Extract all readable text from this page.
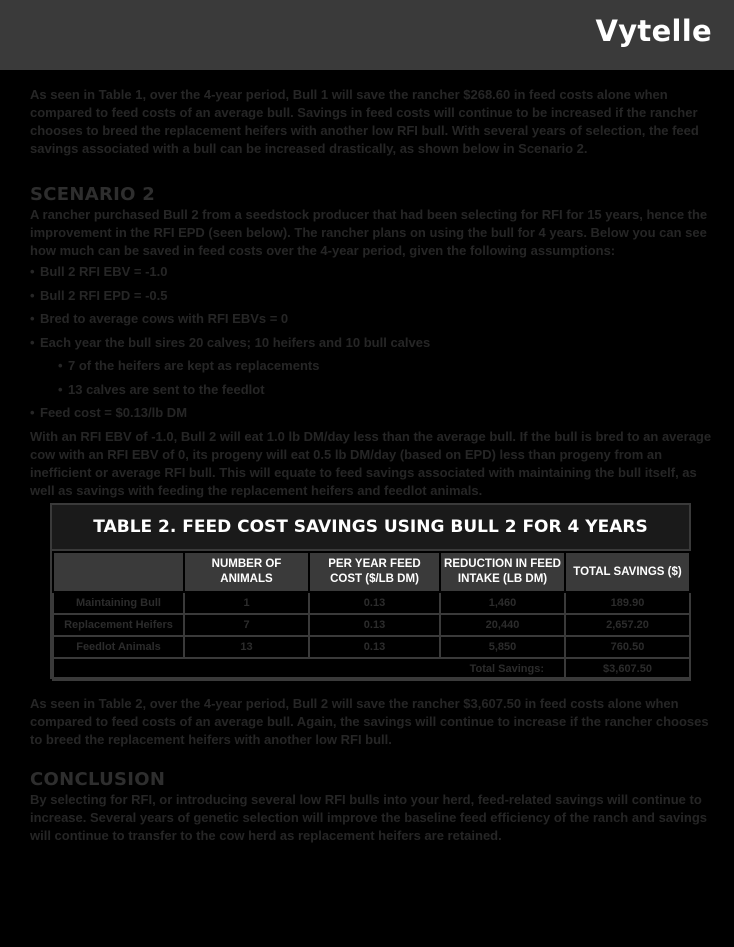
Vytelle

As seen in Table 1, over the 4-year period, Bull 1 will save the rancher $268.60 in feed costs alone when compared to feed costs of an average bull. Savings in feed costs will continue to be increased if the rancher chooses to breed the replacement heifers with another low RFI bull. With several years of selection, the feed savings associated with a bull can be increased drastically, as shown below in Scenario 2.

SCENARIO 2

A rancher purchased Bull 2 from a seedstock producer that had been selecting for RFI for 15 years, hence the improvement in the RFI EPD (seen below). The rancher plans on using the bull for 4 years. Below you can see how much can be saved in feed costs over the 4-year period, given the following assumptions:

• Bull 2 RFI EBV = -1.0
• Bull 2 RFI EPD = -0.5
• Bred to average cows with RFI EBVs = 0
• Each year the bull sires 20 calves; 10 heifers and 10 bull calves
• 7 of the heifers are kept as replacements
• 13 calves are sent to the feedlot
• Feed cost = $0.13/lb DM

With an RFI EBV of -1.0, Bull 2 will eat 1.0 lb DM/day less than the average bull. If the bull is bred to an average cow with an RFI EBV of 0, its progeny will eat 0.5 lb DM/day (based on EPD) less than progeny from an inefficient or average RFI bull. This will equate to feed savings associated with maintaining the bull itself, as well as savings with feeding the replacement heifers and feedlot animals.

TABLE 2. FEED COST SAVINGS USING BULL 2 FOR 4 YEARS
	NUMBER OF ANIMALS	PER YEAR FEED COST ($/LB DM)	REDUCTION IN FEED INTAKE (LB DM)	TOTAL SAVINGS ($)
Maintaining Bull	1	0.13	1,460	189.90
Replacement Heifers	7	0.13	20,440	2,657.20
Feedlot Animals	13	0.13	5,850	760.50
Total Savings:				$3,607.50

As seen in Table 2, over the 4-year period, Bull 2 will save the rancher $3,607.50 in feed costs alone when compared to feed costs of an average bull. Again, the savings will continue to increase if the rancher chooses to breed the replacement heifers with another low RFI bull.

CONCLUSION

By selecting for RFI, or introducing several low RFI bulls into your herd, feed-related savings will continue to increase. Several years of genetic selection will improve the baseline feed efficiency of the ranch and savings will continue to transfer to the cow herd as replacement heifers are retained.
